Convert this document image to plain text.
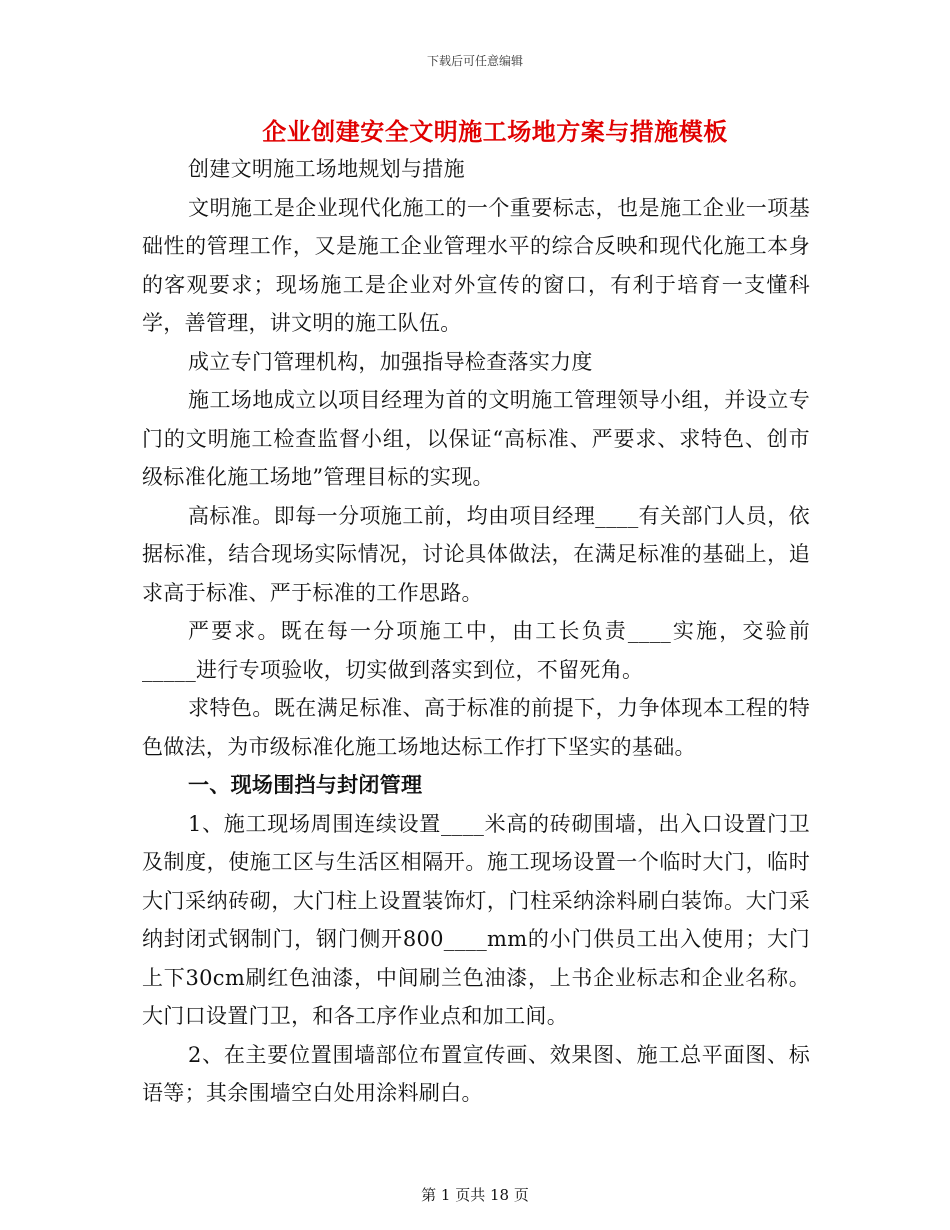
下载后可任意编辑
企业创建安全文明施工场地方案与措施模板

创建文明施工场地规划与措施

文明施工是企业现代化施工的一个重要标志，也是施工企业一项基础性的管理工作，又是施工企业管理水平的综合反映和现代化施工本身的客观要求；现场施工是企业对外宣传的窗口，有利于培育一支懂科学，善管理，讲文明的施工队伍。

成立专门管理机构，加强指导检查落实力度

施工场地成立以项目经理为首的文明施工管理领导小组，并设立专门的文明施工检查监督小组，以保证“高标准、严要求、求特色、创市级标准化施工场地”管理目标的实现。

高标准。即每一分项施工前，均由项目经理____有关部门人员，依据标准，结合现场实际情况，讨论具体做法，在满足标准的基础上，追求高于标准、严于标准的工作思路。

严要求。既在每一分项施工中，由工长负责____实施，交验前_____进行专项验收，切实做到落实到位，不留死角。

求特色。既在满足标准、高于标准的前提下，力争体现本工程的特色做法，为市级标准化施工场地达标工作打下坚实的基础。

一、现场围挡与封闭管理

1、施工现场周围连续设置____米高的砖砌围墙，出入口设置门卫及制度，使施工区与生活区相隔开。施工现场设置一个临时大门，临时大门采纳砖砌，大门柱上设置装饰灯，门柱采纳涂料刷白装饰。大门采纳封闭式钢制门，钢门侧开800____mm的小门供员工出入使用；大门上下30cm刷红色油漆，中间刷兰色油漆，上书企业标志和企业名称。大门口设置门卫，和各工序作业点和加工间。

2、在主要位置围墙部位布置宣传画、效果图、施工总平面图、标语等；其余围墙空白处用涂料刷白。

第 1 页共 18 页
